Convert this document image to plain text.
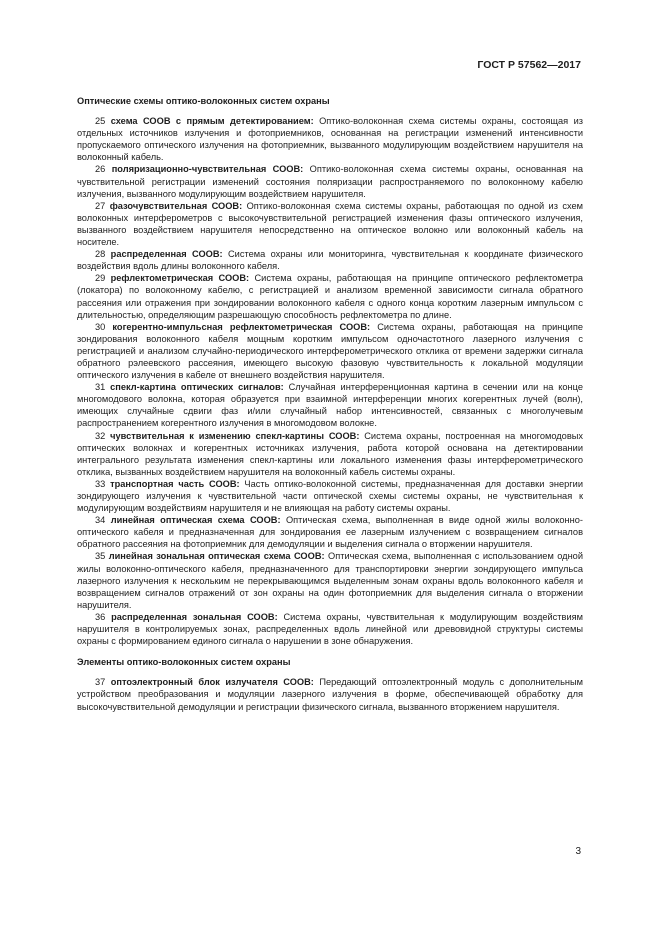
ГОСТ Р 57562—2017
Оптические схемы оптико-волоконных систем охраны

25 схема СООВ с прямым детектированием: Оптико-волоконная схема системы охраны, состоящая из отдельных источников излучения и фотоприемников, основанная на регистрации изменений интенсивности пропускаемого оптического излучения на фотоприемник, вызванного модулирующим воздействием нарушителя на волоконный кабель.

26 поляризационно-чувствительная СООВ: Оптико-волоконная схема системы охраны, основанная на чувствительной регистрации изменений состояния поляризации распространяемого по волоконному кабелю излучения, вызванного модулирующим воздействием нарушителя.

27 фазочувствительная СООВ: Оптико-волоконная схема системы охраны, работающая по одной из схем волоконных интерферометров с высокочувствительной регистрацией изменения фазы оптического излучения, вызванного воздействием нарушителя непосредственно на оптическое волокно или волоконный кабель на носителе.

28 распределенная СООВ: Система охраны или мониторинга, чувствительная к координате физического воздействия вдоль длины волоконного кабеля.

29 рефлектометрическая СООВ: Система охраны, работающая на принципе оптического рефлектометра (локатора) по волоконному кабелю, с регистрацией и анализом временной зависимости сигнала обратного рассеяния или отражения при зондировании волоконного кабеля с одного конца коротким лазерным импульсом с длительностью, определяющим разрешающую способность рефлектометра по длине.

30 когерентно-импульсная рефлектометрическая СООВ: Система охраны, работающая на принципе зондирования волоконного кабеля мощным коротким импульсом одночастотного лазерного излучения с регистрацией и анализом случайно-периодического интерферометрического отклика от времени задержки сигнала обратного рэлеевского рассеяния, имеющего высокую фазовую чувствительность к локальной модуляции оптического излучения в кабеле от внешнего воздействия нарушителя.

31 спекл-картина оптических сигналов: Случайная интерференционная картина в сечении или на конце многомодового волокна, которая образуется при взаимной интерференции многих когерентных лучей (волн), имеющих случайные сдвиги фаз и/или случайный набор интенсивностей, связанных с многолучевым распространением когерентного излучения в многомодовом волокне.

32 чувствительная к изменению спекл-картины СООВ: Система охраны, построенная на многомодовых оптических волокнах и когерентных источниках излучения, работа которой основана на детектировании интегрального результата изменения спекл-картины или локального изменения фазы интерферометрического отклика, вызванных воздействием нарушителя на волоконный кабель системы охраны.

33 транспортная часть СООВ: Часть оптико-волоконной системы, предназначенная для доставки энергии зондирующего излучения к чувствительной части оптической схемы системы охраны, не чувствительная к модулирующим воздействиям нарушителя и не влияющая на работу системы охраны.

34 линейная оптическая схема СООВ: Оптическая схема, выполненная в виде одной жилы волоконно-оптического кабеля и предназначенная для зондирования ее лазерным излучением с возвращением сигналов обратного рассеяния на фотоприемник для демодуляции и выделения сигнала о вторжении нарушителя.

35 линейная зональная оптическая схема СООВ: Оптическая схема, выполненная с использованием одной жилы волоконно-оптического кабеля, предназначенного для транспортировки энергии зондирующего импульса лазерного излучения к нескольким не перекрывающимся выделенным зонам охраны вдоль волоконного кабеля и возвращением сигналов отражений от зон охраны на один фотоприемник для выделения сигнала о вторжении нарушителя.

36 распределенная зональная СООВ: Система охраны, чувствительная к модулирующим воздействиям нарушителя в контролируемых зонах, распределенных вдоль линейной или древовидной структуры системы охраны с формированием единого сигнала о нарушении в зоне обнаружения.

Элементы оптико-волоконных систем охраны

37 оптоэлектронный блок излучателя СООВ: Передающий оптоэлектронный модуль с дополнительным устройством преобразования и модуляции лазерного излучения в форме, обеспечивающей обработку для высокочувствительной демодуляции и регистрации физического сигнала, вызванного вторжением нарушителя.

3
